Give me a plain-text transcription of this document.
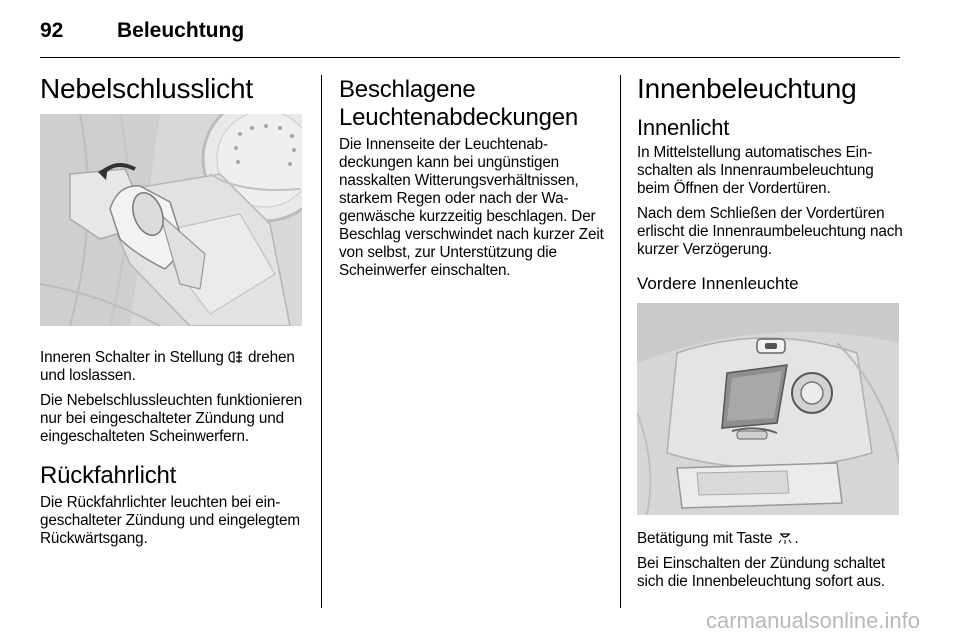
92	Beleuchtung
Nebelschlusslicht

Inneren Schalter in Stellung  drehen und loslassen.

Die Nebelschlussleuchten funktionieren nur bei eingeschalteter Zündung und eingeschalteten Scheinwerfern.

Rückfahrlicht

Die Rückfahrlichter leuchten bei eingeschalteter Zündung und eingelegtem Rückwärtsgang.

Beschlagene Leuchtenabdeckungen

Die Innenseite der Leuchtenabdeckungen kann bei ungünstigen nasskalten Witterungsverhältnissen, starkem Regen oder nach der Wagenwäsche kurzzeitig beschlagen. Der Beschlag verschwindet nach kurzer Zeit von selbst, zur Unterstützung die Scheinwerfer einschalten.

Innenbeleuchtung
Innenlicht

In Mittelstellung automatisches Einschalten als Innenraumbeleuchtung beim Öffnen der Vordertüren.

Nach dem Schließen der Vordertüren erlischt die Innenraumbeleuchtung nach kurzer Verzögerung.

Vordere Innenleuchte

Betätigung mit Taste .

Bei Einschalten der Zündung schaltet sich die Innenbeleuchtung sofort aus.

carmanualsonline.info
